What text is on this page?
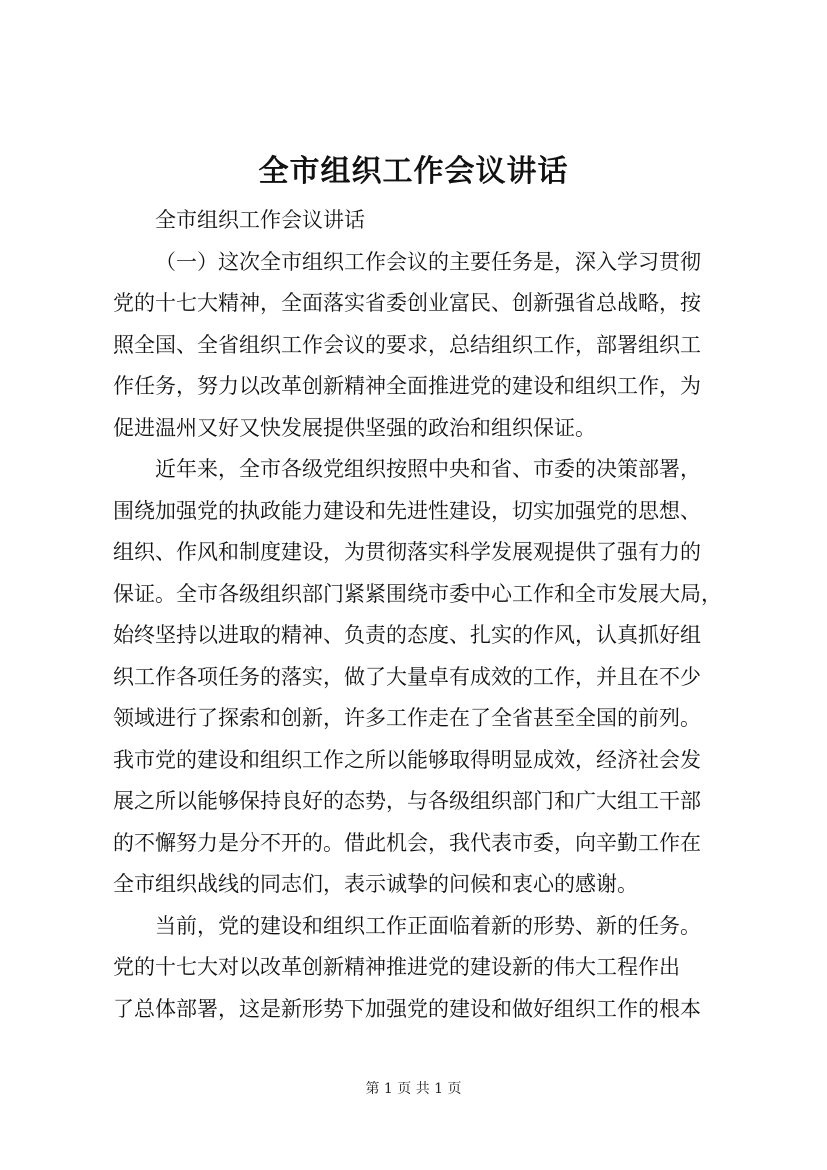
全市组织工作会议讲话
全市组织工作会议讲话
（一）这次全市组织工作会议的主要任务是，深入学习贯彻
党的十七大精神，全面落实省委创业富民、创新强省总战略，按
照全国、全省组织工作会议的要求，总结组织工作，部署组织工
作任务，努力以改革创新精神全面推进党的建设和组织工作，为
促进温州又好又快发展提供坚强的政治和组织保证。
近年来，全市各级党组织按照中央和省、市委的决策部署，
围绕加强党的执政能力建设和先进性建设，切实加强党的思想、
组织、作风和制度建设，为贯彻落实科学发展观提供了强有力的
保证。全市各级组织部门紧紧围绕市委中心工作和全市发展大局，
始终坚持以进取的精神、负责的态度、扎实的作风，认真抓好组
织工作各项任务的落实，做了大量卓有成效的工作，并且在不少
领域进行了探索和创新，许多工作走在了全省甚至全国的前列。
我市党的建设和组织工作之所以能够取得明显成效，经济社会发
展之所以能够保持良好的态势，与各级组织部门和广大组工干部
的不懈努力是分不开的。借此机会，我代表市委，向辛勤工作在
全市组织战线的同志们，表示诚挚的问候和衷心的感谢。
当前，党的建设和组织工作正面临着新的形势、新的任务。
党的十七大对以改革创新精神推进党的建设新的伟大工程作出
了总体部署，这是新形势下加强党的建设和做好组织工作的根本
第 1 页 共 1 页
